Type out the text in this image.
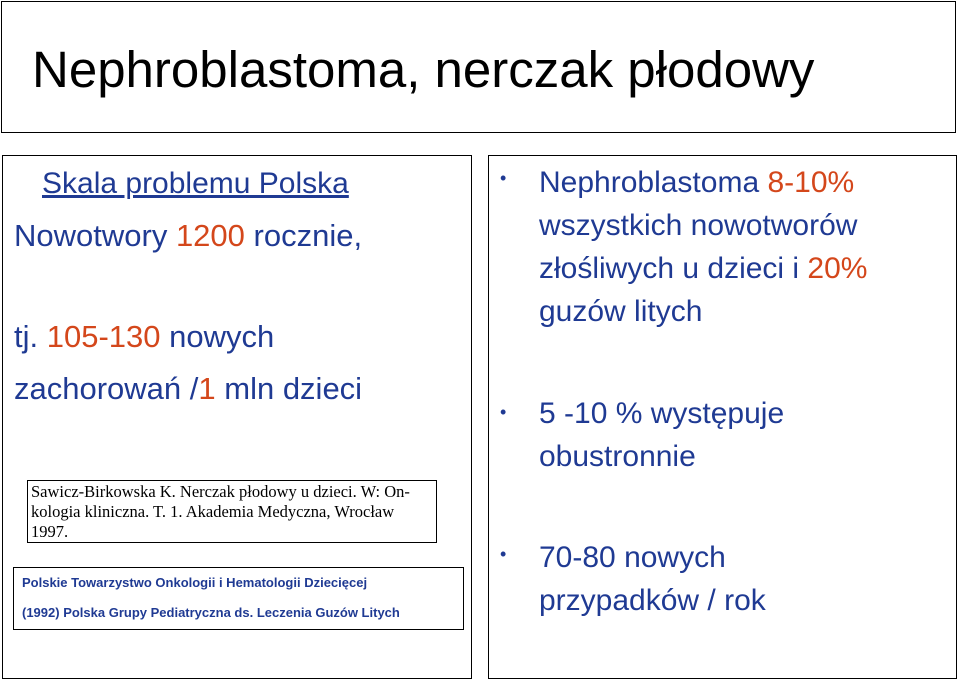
Nephroblastoma, nerczak płodowy
Skala problemu Polska
Nowotwory 1200 rocznie,
tj. 105-130 nowych
zachorowań /1 mln dzieci
Sawicz-Birkowska K. Nerczak płodowy u dzieci. W: On-
kologia kliniczna. T. 1. Akademia Medyczna, Wrocław
1997.
Polskie Towarzystwo Onkologii i Hematologii Dziecięcej
(1992) Polska Grupy Pediatryczna ds. Leczenia Guzów Litych
• Nephroblastoma 8-10%
wszystkich nowotworów
złośliwych u dzieci i 20%
guzów litych
• 5 -10 % występuje
obustronnie
• 70-80 nowych
przypadków / rok
